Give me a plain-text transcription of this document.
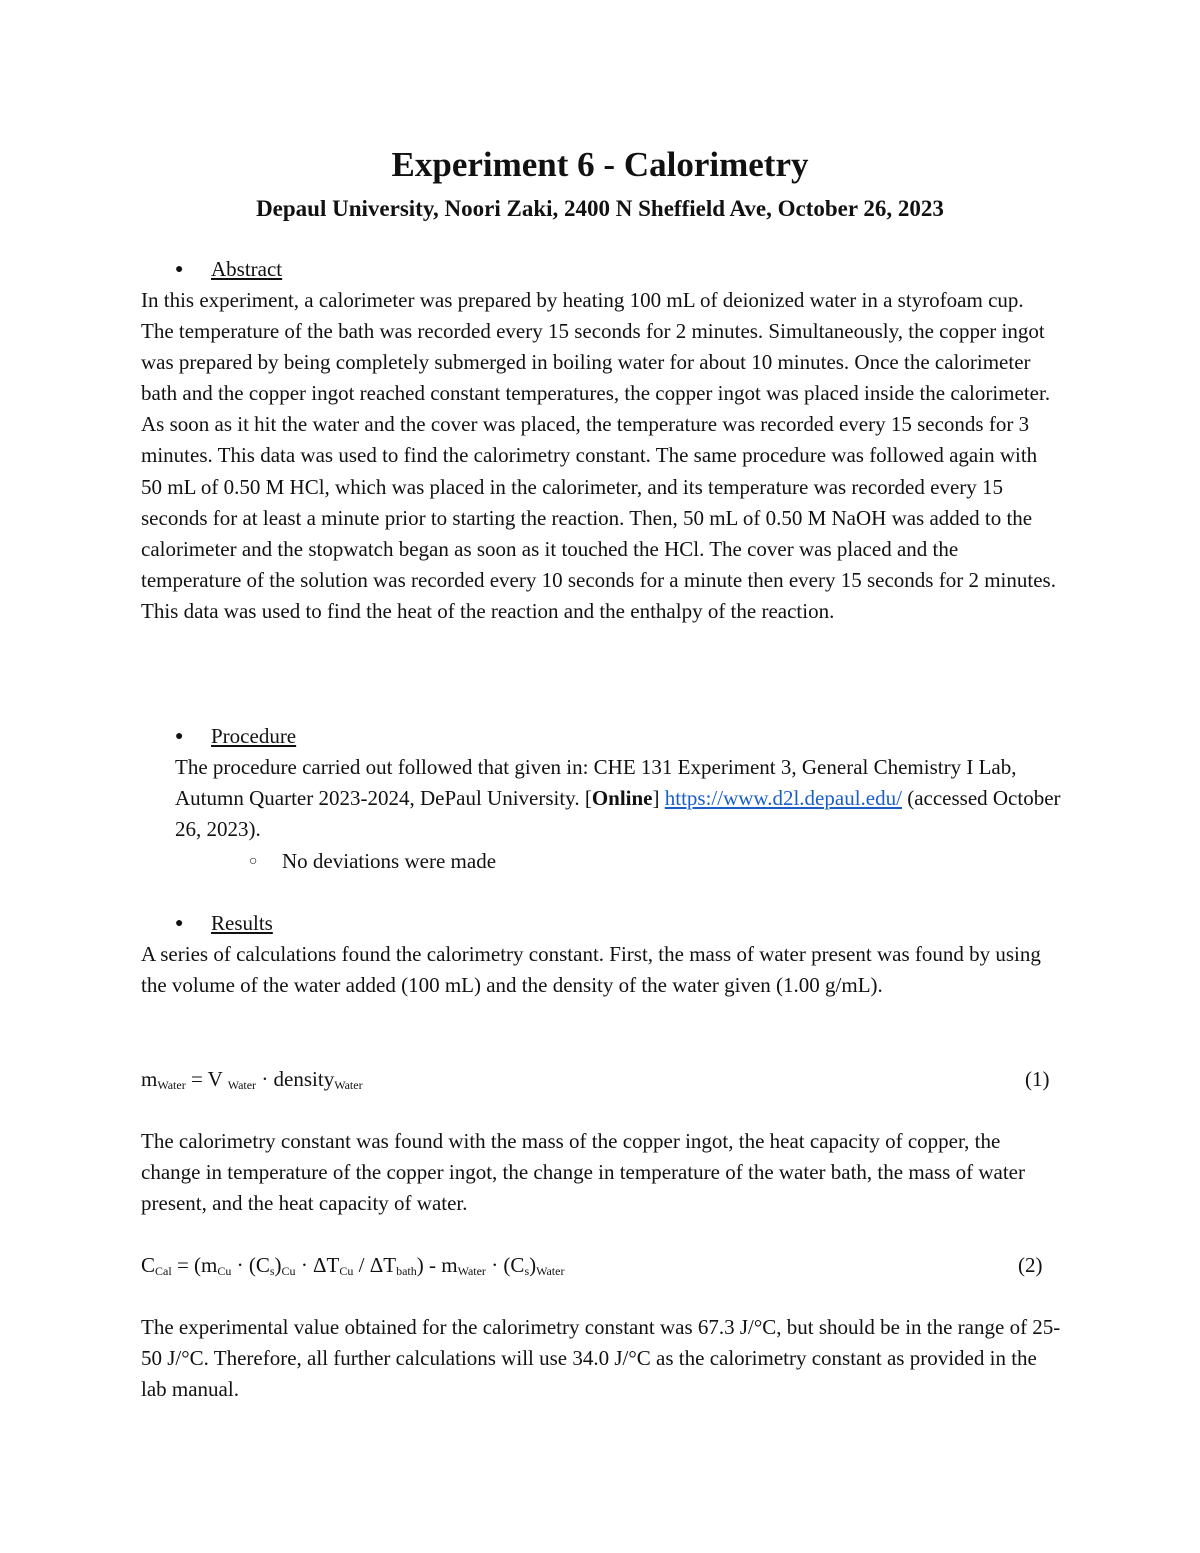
Experiment 6 - Calorimetry
Depaul University, Noori Zaki, 2400 N Sheffield Ave, October 26, 2023
● Abstract
In this experiment, a calorimeter was prepared by heating 100 mL of deionized water in a styrofoam cup. The temperature of the bath was recorded every 15 seconds for 2 minutes. Simultaneously, the copper ingot was prepared by being completely submerged in boiling water for about 10 minutes. Once the calorimeter bath and the copper ingot reached constant temperatures, the copper ingot was placed inside the calorimeter. As soon as it hit the water and the cover was placed, the temperature was recorded every 15 seconds for 3 minutes. This data was used to find the calorimetry constant. The same procedure was followed again with 50 mL of 0.50 M HCl, which was placed in the calorimeter, and its temperature was recorded every 15 seconds for at least a minute prior to starting the reaction. Then, 50 mL of 0.50 M NaOH was added to the calorimeter and the stopwatch began as soon as it touched the HCl. The cover was placed and the temperature of the solution was recorded every 10 seconds for a minute then every 15 seconds for 2 minutes. This data was used to find the heat of the reaction and the enthalpy of the reaction.
● Procedure
The procedure carried out followed that given in: CHE 131 Experiment 3, General Chemistry I Lab, Autumn Quarter 2023-2024, DePaul University. [Online] https://www.d2l.depaul.edu/ (accessed October 26, 2023).
○ No deviations were made
● Results
A series of calculations found the calorimetry constant. First, the mass of water present was found by using the volume of the water added (100 mL) and the density of the water given (1.00 g/mL).
$m_{Water} = V$ $_{Water}$ · density$_{Water}$	(1)
The calorimetry constant was found with the mass of the copper ingot, the heat capacity of copper, the change in temperature of the copper ingot, the change in temperature of the water bath, the mass of water present, and the heat capacity of water.
$C_{Cal} = (m_{Cu} \cdot (C_s)_{Cu} \cdot \Delta T_{Cu} / \Delta T_{bath}) - m_{Water} \cdot (C_s)_{Water}$	(2)
The experimental value obtained for the calorimetry constant was 67.3 J/°C, but should be in the range of 25-50 J/°C. Therefore, all further calculations will use 34.0 J/°C as the calorimetry constant as provided in the lab manual.
